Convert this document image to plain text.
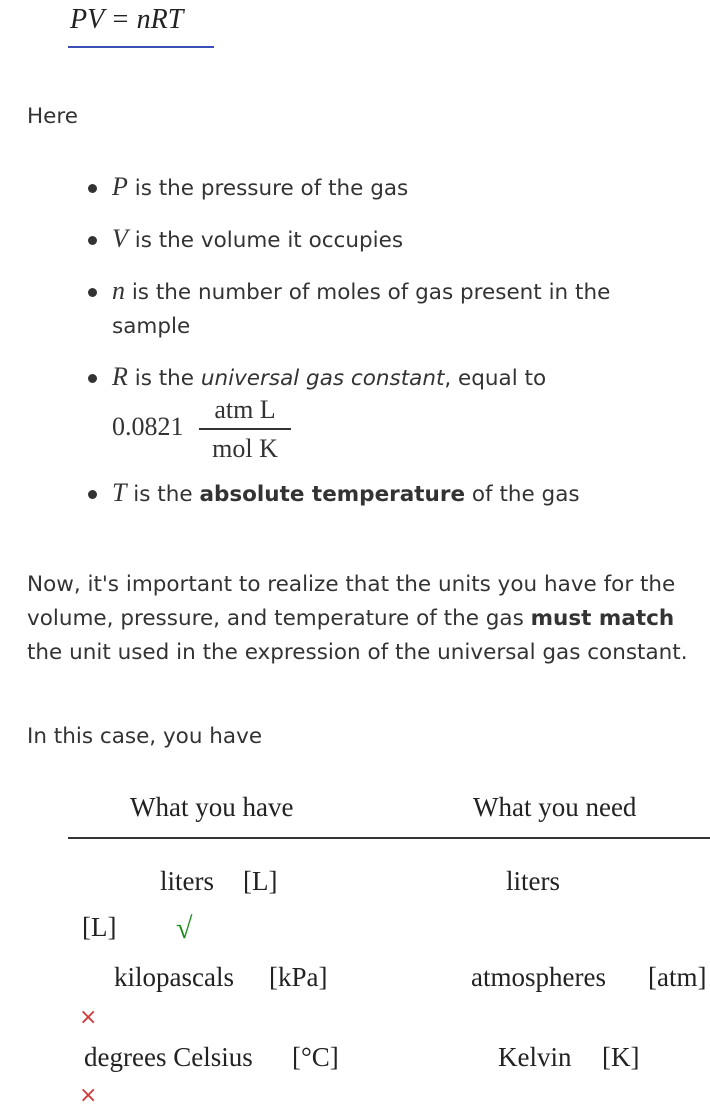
PV = nRT
Here
P is the pressure of the gas
V is the volume it occupies
n is the number of moles of gas present in the sample
R is the universal gas constant, equal to
0.0821
atm L
mol K
T is the absolute temperature of the gas
Now, it's important to realize that the units you have for the volume, pressure, and temperature of the gas must match the unit used in the expression of the universal gas constant.
In this case, you have
What you have	What you need
liters [L]	liters
[L] √
kilopascals [kPa]	atmospheres [atm]
×
degrees Celsius [°C]	Kelvin [K]
×
